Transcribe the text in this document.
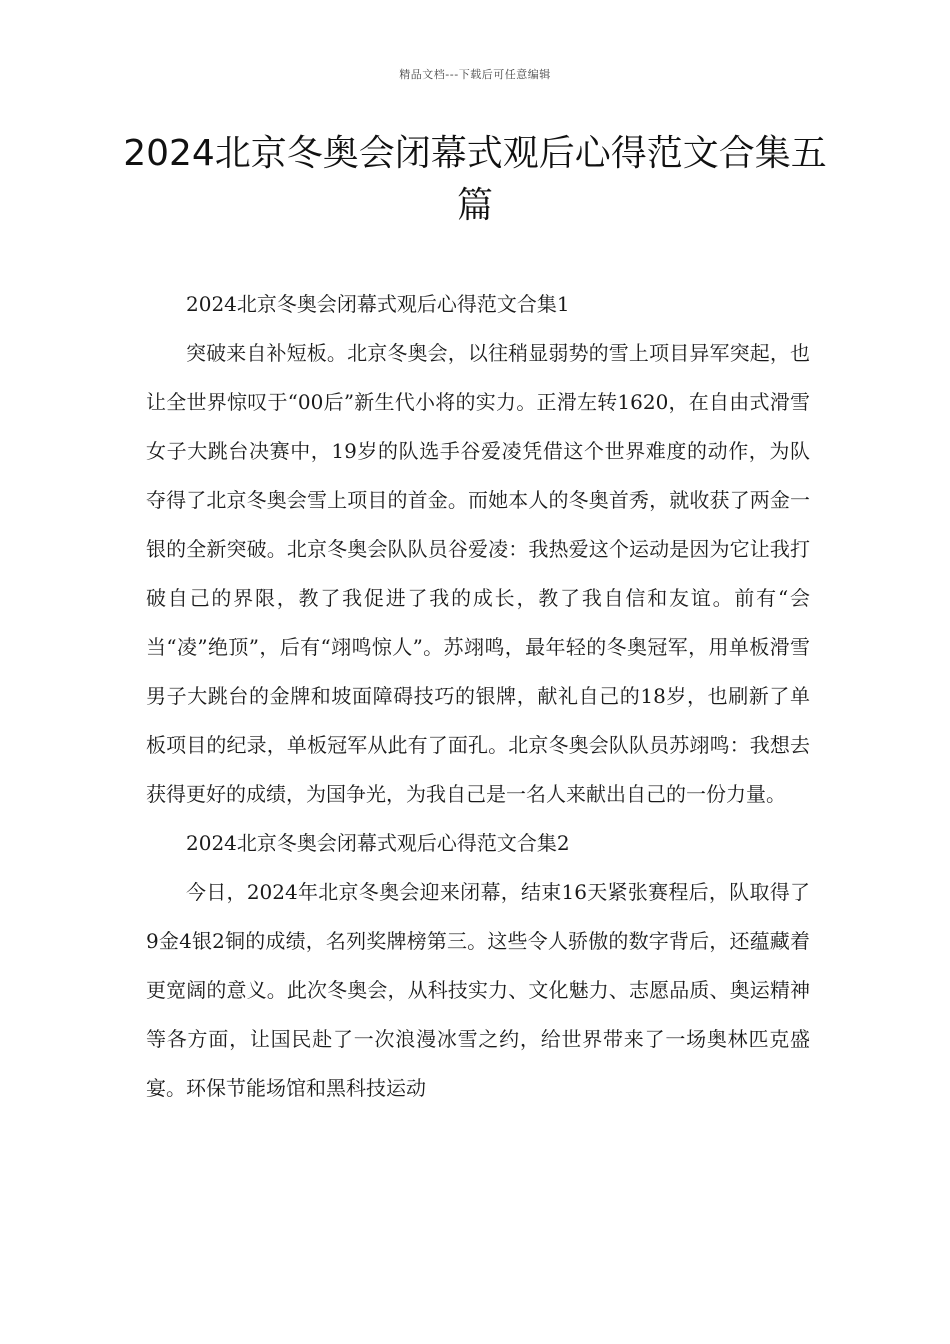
精品文档---下载后可任意编辑
2024北京冬奥会闭幕式观后心得范文合集五篇

2024北京冬奥会闭幕式观后心得范文合集1

突破来自补短板。北京冬奥会，以往稍显弱势的雪上项目异军突起，也让全世界惊叹于“00后”新生代小将的实力。正滑左转1620，在自由式滑雪女子大跳台决赛中，19岁的队选手谷爱凌凭借这个世界难度的动作，为队夺得了北京冬奥会雪上项目的首金。而她本人的冬奥首秀，就收获了两金一银的全新突破。北京冬奥会队队员谷爱凌：我热爱这个运动是因为它让我打破自己的界限，教了我促进了我的成长，教了我自信和友谊。前有“会当“凌”绝顶”，后有“翊鸣惊人”。苏翊鸣，最年轻的冬奥冠军，用单板滑雪男子大跳台的金牌和坡面障碍技巧的银牌，献礼自己的18岁，也刷新了单板项目的纪录，单板冠军从此有了面孔。北京冬奥会队队员苏翊鸣：我想去获得更好的成绩，为国争光，为我自己是一名人来献出自己的一份力量。

2024北京冬奥会闭幕式观后心得范文合集2

今日，2024年北京冬奥会迎来闭幕，结束16天紧张赛程后，队取得了9金4银2铜的成绩，名列奖牌榜第三。这些令人骄傲的数字背后，还蕴藏着更宽阔的意义。此次冬奥会，从科技实力、文化魅力、志愿品质、奥运精神等各方面，让国民赴了一次浪漫冰雪之约，给世界带来了一场奥林匹克盛宴。环保节能场馆和黑科技运动
